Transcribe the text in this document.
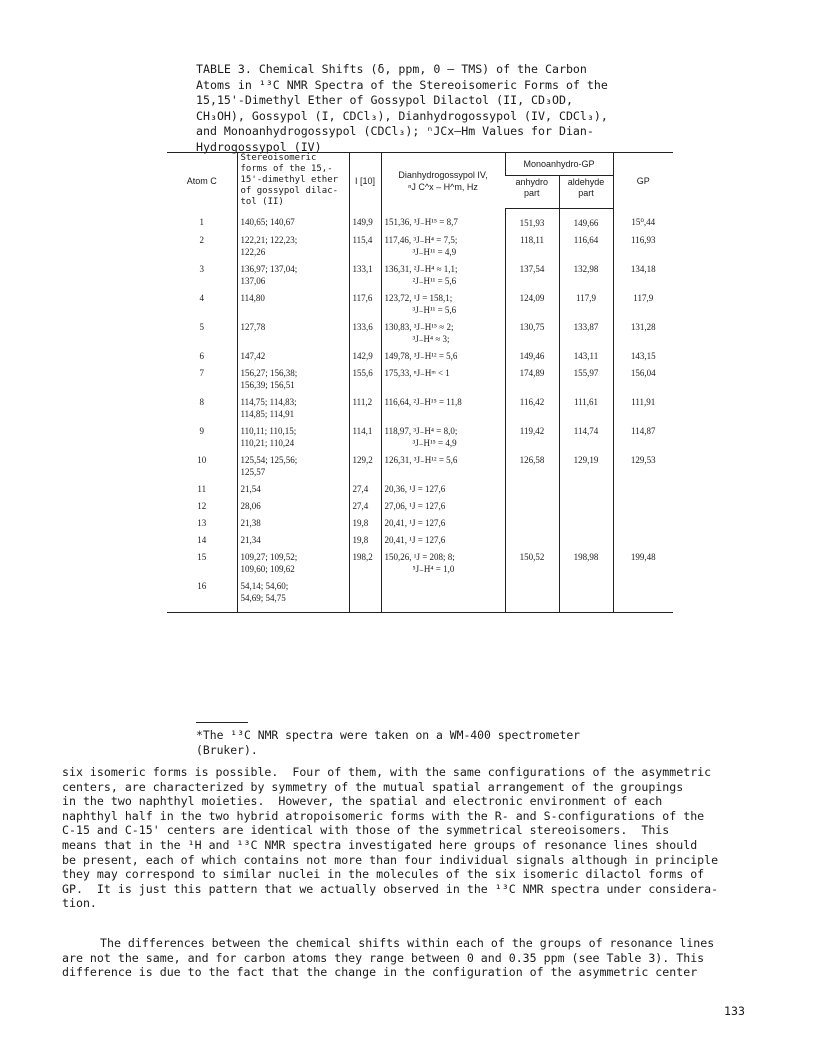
TABLE 3. Chemical Shifts (δ, ppm, 0 – TMS) of the Carbon

Atoms in ¹³C NMR Spectra of the Stereoisomeric Forms of the

15,15'-Dimethyl Ether of Gossypol Dilactol (II, CD₃OD,

CH₃OH), Gossypol (I, CDCl₃), Dianhydrogossypol (IV, CDCl₃),

and Monoanhydrogossypol (CDCl₃); ⁿJCx–Hm Values for Dian-

Hydrogossypol (IV)

Atom C	Stereoisomeric
forms of the 15,-
15'-dimethyl ether
of gossypol dilac-
tol (II)	I [10]	Dianhydrogossypol IV,
ⁿJ C^x – H^m, Hz	Monoanhydro-GP		GP

				anhydro
part	aldehyde
part	

1	140,65; 140,67	149,9	151,36, ³J₋H¹⁵ = 8,7	151,93	149,66	15⁰,44
2	122,21; 122,23;
122,26	115,4	117,46, ³J₋H⁴ = 7,5;
³J₋H¹¹ = 4,9	118,11	116,64	116,93
3	136,97; 137,04;
137,06	133,1	136,31, ²J₋H⁴ ≈ 1,1;
²J₋H¹¹ = 5,6	137,54	132,98	134,18
4	114,80	117,6	123,72, ¹J = 158,1;
³J₋H¹¹ = 5,6	124,09	117,9	117,9
5	127,78	133,6	130,83, ³J₋H¹⁵ ≈ 2;
³J₋H⁴ ≈ 3;	130,75	133,87	131,28
6	147,42	142,9	149,78, ³J₋H¹² = 5,6	149,46	143,11	143,15
7	156,27; 156,38;
156,39; 156,51	155,6	175,33, ⁿJ₋Hᵐ < 1	174,89	155,97	156,04
8	114,75; 114,83;
114,85; 114,91	111,2	116,64, ²J₋H¹⁵ = 11,8	116,42	111,61	111,91
9	110,11; 110,15;
110,21; 110,24	114,1	118,97, ³J₋H⁴ = 8,0;
³J₋H¹⁵ = 4,9	119,42	114,74	114,87
10	125,54; 125,56;
125,57	129,2	126,31, ³J₋H¹² = 5,6	126,58	129,19	129,53
11	21,54	27,4	20,36, ¹J = 127,6			

12	28,06	27,4	27,06, ¹J = 127,6			

13	21,38	19,8	20,41, ¹J = 127,6			

14	21,34	19,8	20,41, ¹J = 127,6			

15	109,27; 109,52;
109,60; 109,62	198,2	150,26, ¹J = 208; 8;
⁵J₋H⁴ = 1,0	150,52	198,98	199,48
16	54,14; 54,60;
54,69; 54,75					

*The ¹³C NMR spectra were taken on a WM-400 spectrometer

(Bruker).

six isomeric forms is possible.  Four of them, with the same configurations of the asymmetric
centers, are characterized by symmetry of the mutual spatial arrangement of the groupings
in the two naphthyl moieties.  However, the spatial and electronic environment of each
naphthyl half in the two hybrid atropoisomeric forms with the R- and S-configurations of the
C-15 and C-15' centers are identical with those of the symmetrical stereoisomers.  This
means that in the ¹H and ¹³C NMR spectra investigated here groups of resonance lines should
be present, each of which contains not more than four individual signals although in principle
they may correspond to similar nuclei in the molecules of the six isomeric dilactol forms of
GP.  It is just this pattern that we actually observed in the ¹³C NMR spectra under considera-
tion.
The differences between the chemical shifts within each of the groups of resonance lines
are not the same, and for carbon atoms they range between 0 and 0.35 ppm (see Table 3). This
difference is due to the fact that the change in the configuration of the asymmetric center
133
